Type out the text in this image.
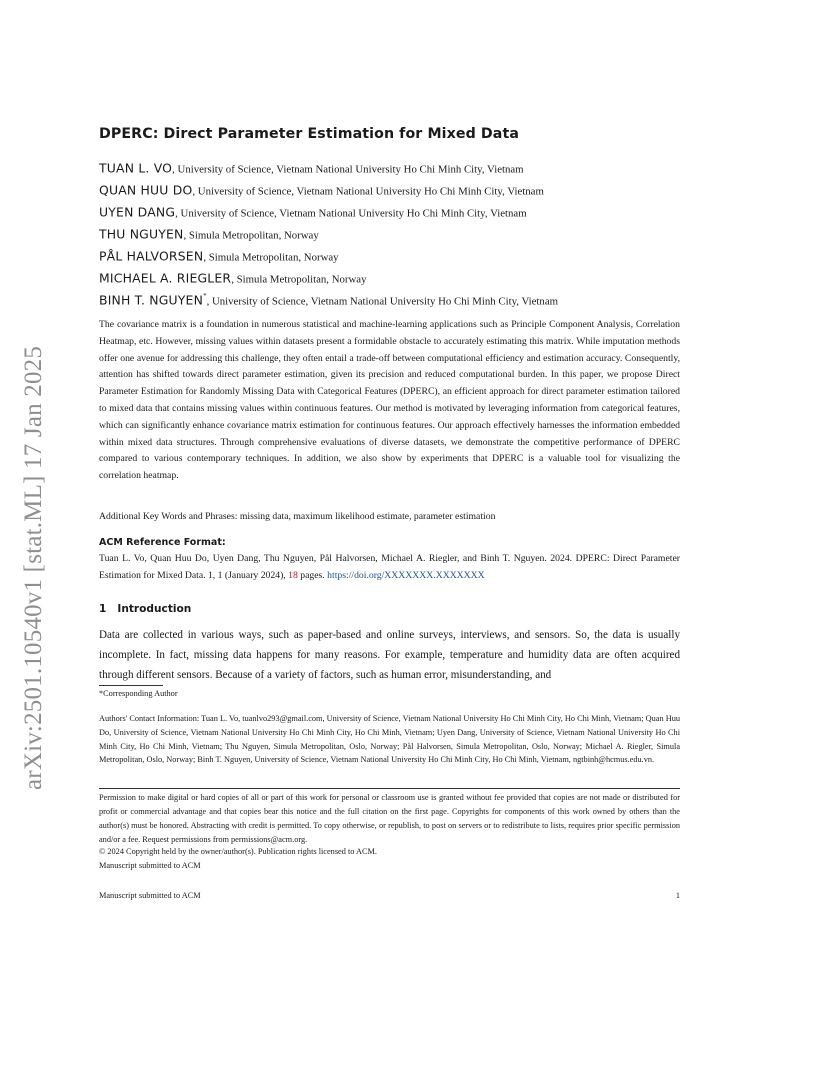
arXiv:2501.10540v1 [stat.ML] 17 Jan 2025
DPERC: Direct Parameter Estimation for Mixed Data
TUAN L. VO, University of Science, Vietnam National University Ho Chi Minh City, Vietnam
QUAN HUU DO, University of Science, Vietnam National University Ho Chi Minh City, Vietnam
UYEN DANG, University of Science, Vietnam National University Ho Chi Minh City, Vietnam
THU NGUYEN, Simula Metropolitan, Norway
PÅL HALVORSEN, Simula Metropolitan, Norway
MICHAEL A. RIEGLER, Simula Metropolitan, Norway
BINH T. NGUYEN*, University of Science, Vietnam National University Ho Chi Minh City, Vietnam

The covariance matrix is a foundation in numerous statistical and machine-learning applications such as Principle Component Analysis, Correlation Heatmap, etc. However, missing values within datasets present a formidable obstacle to accurately estimating this matrix. While imputation methods offer one avenue for addressing this challenge, they often entail a trade-off between computational efficiency and estimation accuracy. Consequently, attention has shifted towards direct parameter estimation, given its precision and reduced computational burden. In this paper, we propose Direct Parameter Estimation for Randomly Missing Data with Categorical Features (DPERC), an efficient approach for direct parameter estimation tailored to mixed data that contains missing values within continuous features. Our method is motivated by leveraging information from categorical features, which can significantly enhance covariance matrix estimation for continuous features. Our approach effectively harnesses the information embedded within mixed data structures. Through comprehensive evaluations of diverse datasets, we demonstrate the competitive performance of DPERC compared to various contemporary techniques. In addition, we also show by experiments that DPERC is a valuable tool for visualizing the correlation heatmap.

Additional Key Words and Phrases: missing data, maximum likelihood estimate, parameter estimation
ACM Reference Format:
Tuan L. Vo, Quan Huu Do, Uyen Dang, Thu Nguyen, Pål Halvorsen, Michael A. Riegler, and Binh T. Nguyen. 2024. DPERC: Direct Parameter Estimation for Mixed Data. 1, 1 (January 2024), 18 pages. https://doi.org/XXXXXXX.XXXXXXX
1 Introduction

Data are collected in various ways, such as paper-based and online surveys, interviews, and sensors. So, the data is usually incomplete. In fact, missing data happens for many reasons. For example, temperature and humidity data are often acquired through different sensors. Because of a variety of factors, such as human error, misunderstanding, and

*Corresponding Author
Authors' Contact Information: Tuan L. Vo, tuanlvo293@gmail.com, University of Science, Vietnam National University Ho Chi Minh City, Ho Chi Minh, Vietnam; Quan Huu Do, University of Science, Vietnam National University Ho Chi Minh City, Ho Chi Minh, Vietnam; Uyen Dang, University of Science, Vietnam National University Ho Chi Minh City, Ho Chi Minh, Vietnam; Thu Nguyen, Simula Metropolitan, Oslo, Norway; Pål Halvorsen, Simula Metropolitan, Oslo, Norway; Michael A. Riegler, Simula Metropolitan, Oslo, Norway; Binh T. Nguyen, University of Science, Vietnam National University Ho Chi Minh City, Ho Chi Minh, Vietnam, ngtbinh@hcmus.edu.vn.
Permission to make digital or hard copies of all or part of this work for personal or classroom use is granted without fee provided that copies are not made or distributed for profit or commercial advantage and that copies bear this notice and the full citation on the first page. Copyrights for components of this work owned by others than the author(s) must be honored. Abstracting with credit is permitted. To copy otherwise, or republish, to post on servers or to redistribute to lists, requires prior specific permission and/or a fee. Request permissions from permissions@acm.org.
© 2024 Copyright held by the owner/author(s). Publication rights licensed to ACM.
Manuscript submitted to ACM
Manuscript submitted to ACM	1
